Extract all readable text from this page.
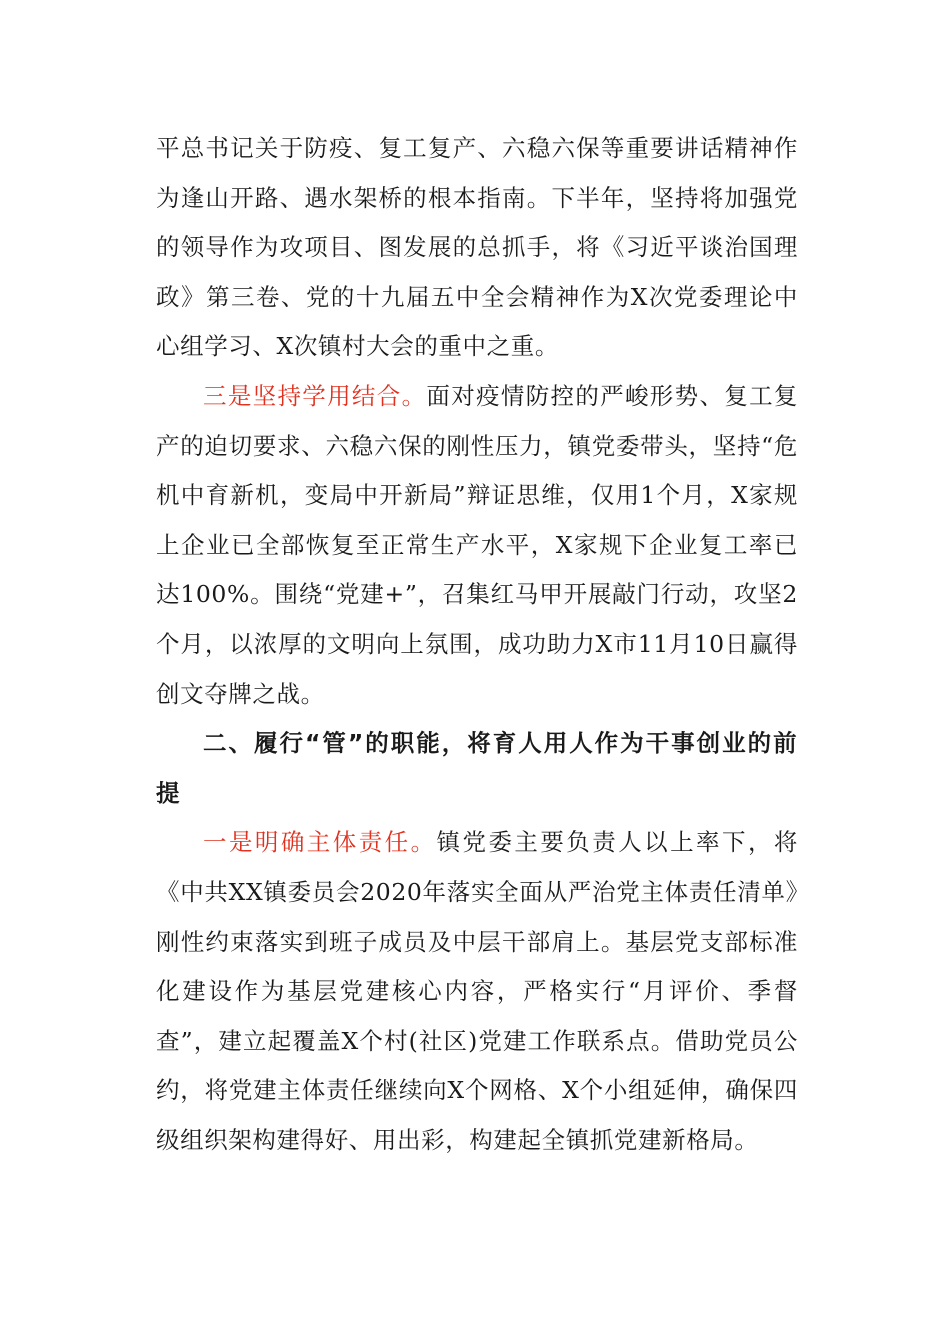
平总书记关于防疫、复工复产、六稳六保等重要讲话精神作为逢山开路、遇水架桥的根本指南。下半年，坚持将加强党的领导作为攻项目、图发展的总抓手，将《习近平谈治国理政》第三卷、党的十九届五中全会精神作为X次党委理论中心组学习、X次镇村大会的重中之重。

三是坚持学用结合。面对疫情防控的严峻形势、复工复产的迫切要求、六稳六保的刚性压力，镇党委带头，坚持“危机中育新机，变局中开新局”辩证思维，仅用1个月，X家规上企业已全部恢复至正常生产水平，X家规下企业复工率已达100%。围绕“党建+”，召集红马甲开展敲门行动，攻坚2个月，以浓厚的文明向上氛围，成功助力X市11月10日赢得创文夺牌之战。

二、履行“管”的职能，将育人用人作为干事创业的前提

一是明确主体责任。镇党委主要负责人以上率下，将《中共XX镇委员会2020年落实全面从严治党主体责任清单》刚性约束落实到班子成员及中层干部肩上。基层党支部标准化建设作为基层党建核心内容，严格实行“月评价、季督查”，建立起覆盖X个村(社区)党建工作联系点。借助党员公约，将党建主体责任继续向X个网格、X个小组延伸，确保四级组织架构建得好、用出彩，构建起全镇抓党建新格局。
